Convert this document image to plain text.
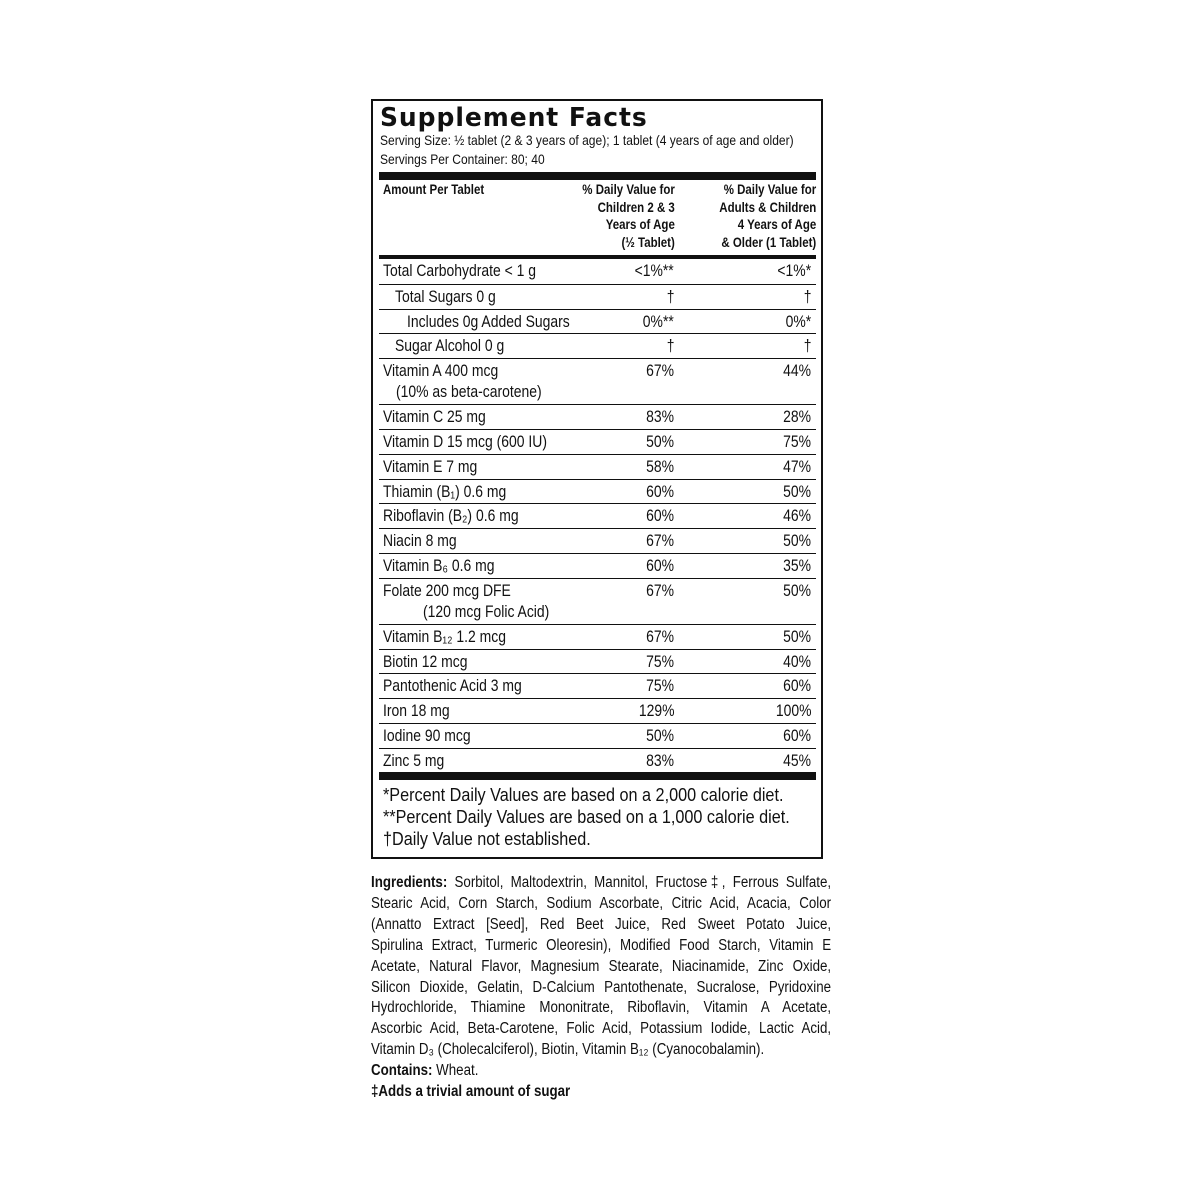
Supplement Facts
Serving Size: ½ tablet (2 & 3 years of age); 1 tablet (4 years of age and older)
Servings Per Container: 80; 40
Amount Per Tablet	% Daily Value for
Children 2 & 3
Years of Age
(½ Tablet)
% Daily Value for
Adults & Children
4 Years of Age
& Older (1 Tablet)
Total Carbohydrate < 1 g	<1%**	<1%*
Total Sugars 0 g	†	†
Includes 0g Added Sugars	0%**	0%*
Sugar Alcohol 0 g	†	†
Vitamin A 400 mcg
(10% as beta-carotene)
67%	44%
Vitamin C 25 mg	83%	28%
Vitamin D 15 mcg (600 IU)	50%	75%
Vitamin E 7 mg	58%	47%
Thiamin (B₁) 0.6 mg	60%	50%
Riboflavin (B₂) 0.6 mg	60%	46%
Niacin 8 mg	67%	50%
Vitamin B₆ 0.6 mg	60%	35%
Folate 200 mcg DFE
(120 mcg Folic Acid)
67%	50%
Vitamin B₁₂ 1.2 mcg	67%	50%
Biotin 12 mcg	75%	40%
Pantothenic Acid 3 mg	75%	60%
Iron 18 mg	129%	100%
Iodine 90 mcg	50%	60%
Zinc 5 mg	83%	45%
*Percent Daily Values are based on a 2,000 calorie diet.
**Percent Daily Values are based on a 1,000 calorie diet.
†Daily Value not established.
Ingredients: Sorbitol, Maltodextrin, Mannitol, Fructose‡, Ferrous Sulfate,
Stearic Acid, Corn Starch, Sodium Ascorbate, Citric Acid, Acacia, Color
(Annatto Extract [Seed], Red Beet Juice, Red Sweet Potato Juice,
Spirulina Extract, Turmeric Oleoresin), Modified Food Starch, Vitamin E
Acetate, Natural Flavor, Magnesium Stearate, Niacinamide, Zinc Oxide,
Silicon Dioxide, Gelatin, D-Calcium Pantothenate, Sucralose, Pyridoxine
Hydrochloride, Thiamine Mononitrate, Riboflavin, Vitamin A Acetate,
Ascorbic Acid, Beta-Carotene, Folic Acid, Potassium Iodide, Lactic Acid,
Vitamin D₃ (Cholecalciferol), Biotin, Vitamin B₁₂ (Cyanocobalamin).
Contains: Wheat.
‡Adds a trivial amount of sugar
